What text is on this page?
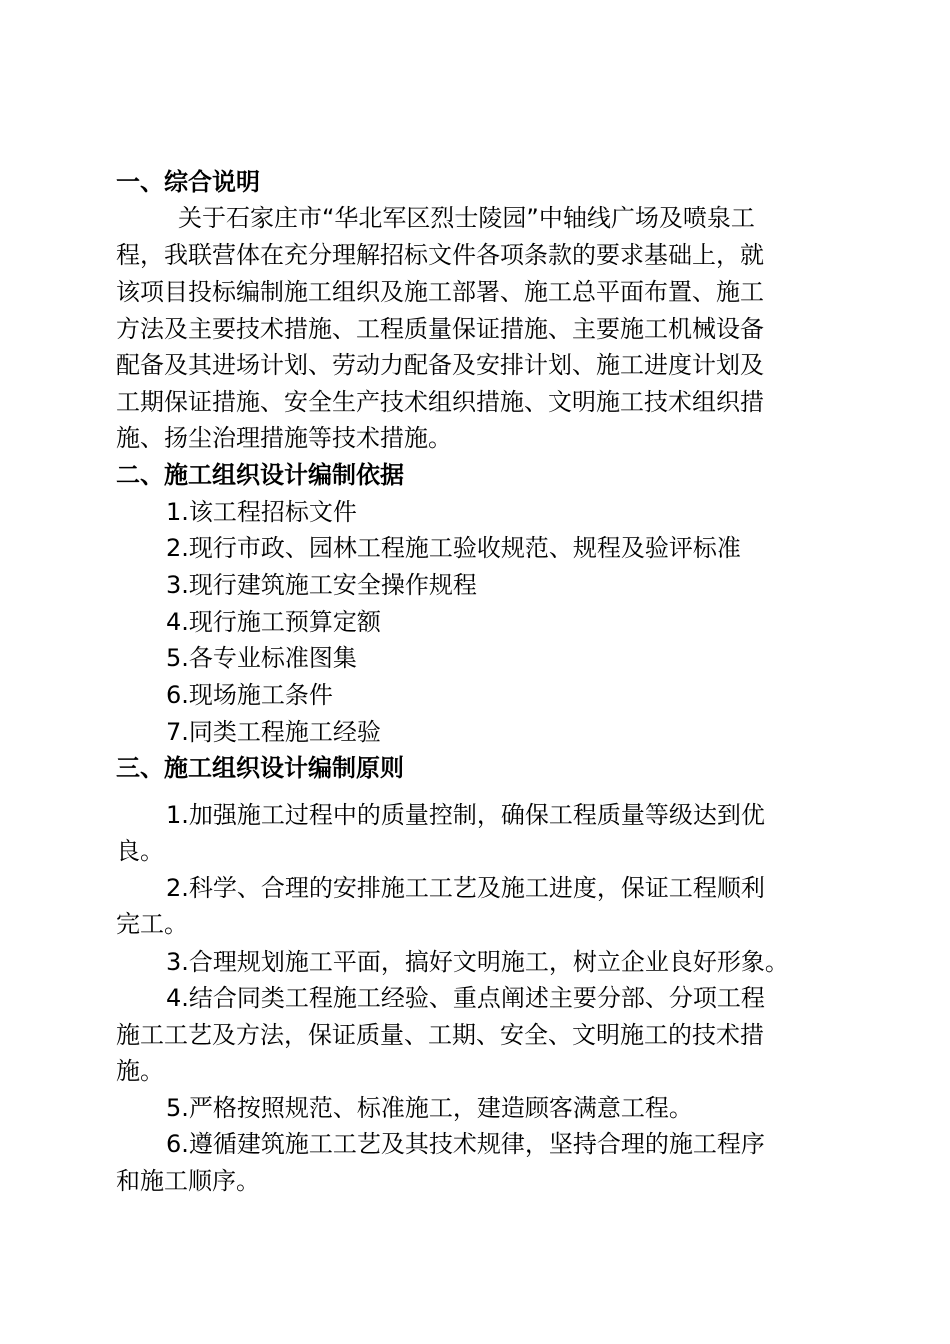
一、综合说明
关于石家庄市“华北军区烈士陵园”中轴线广场及喷泉工
程，我联营体在充分理解招标文件各项条款的要求基础上，就
该项目投标编制施工组织及施工部署、施工总平面布置、施工
方法及主要技术措施、工程质量保证措施、主要施工机械设备
配备及其进场计划、劳动力配备及安排计划、施工进度计划及
工期保证措施、安全生产技术组织措施、文明施工技术组织措
施、扬尘治理措施等技术措施。
二、施工组织设计编制依据
1.该工程招标文件
2.现行市政、园林工程施工验收规范、规程及验评标准
3.现行建筑施工安全操作规程
4.现行施工预算定额
5.各专业标准图集
6.现场施工条件
7.同类工程施工经验
三、施工组织设计编制原则
1.加强施工过程中的质量控制，确保工程质量等级达到优
良。
2.科学、合理的安排施工工艺及施工进度，保证工程顺利
完工。
3.合理规划施工平面，搞好文明施工，树立企业良好形象。
4.结合同类工程施工经验、重点阐述主要分部、分项工程
施工工艺及方法，保证质量、工期、安全、文明施工的技术措
施。
5.严格按照规范、标准施工，建造顾客满意工程。
6.遵循建筑施工工艺及其技术规律，坚持合理的施工程序
和施工顺序。
